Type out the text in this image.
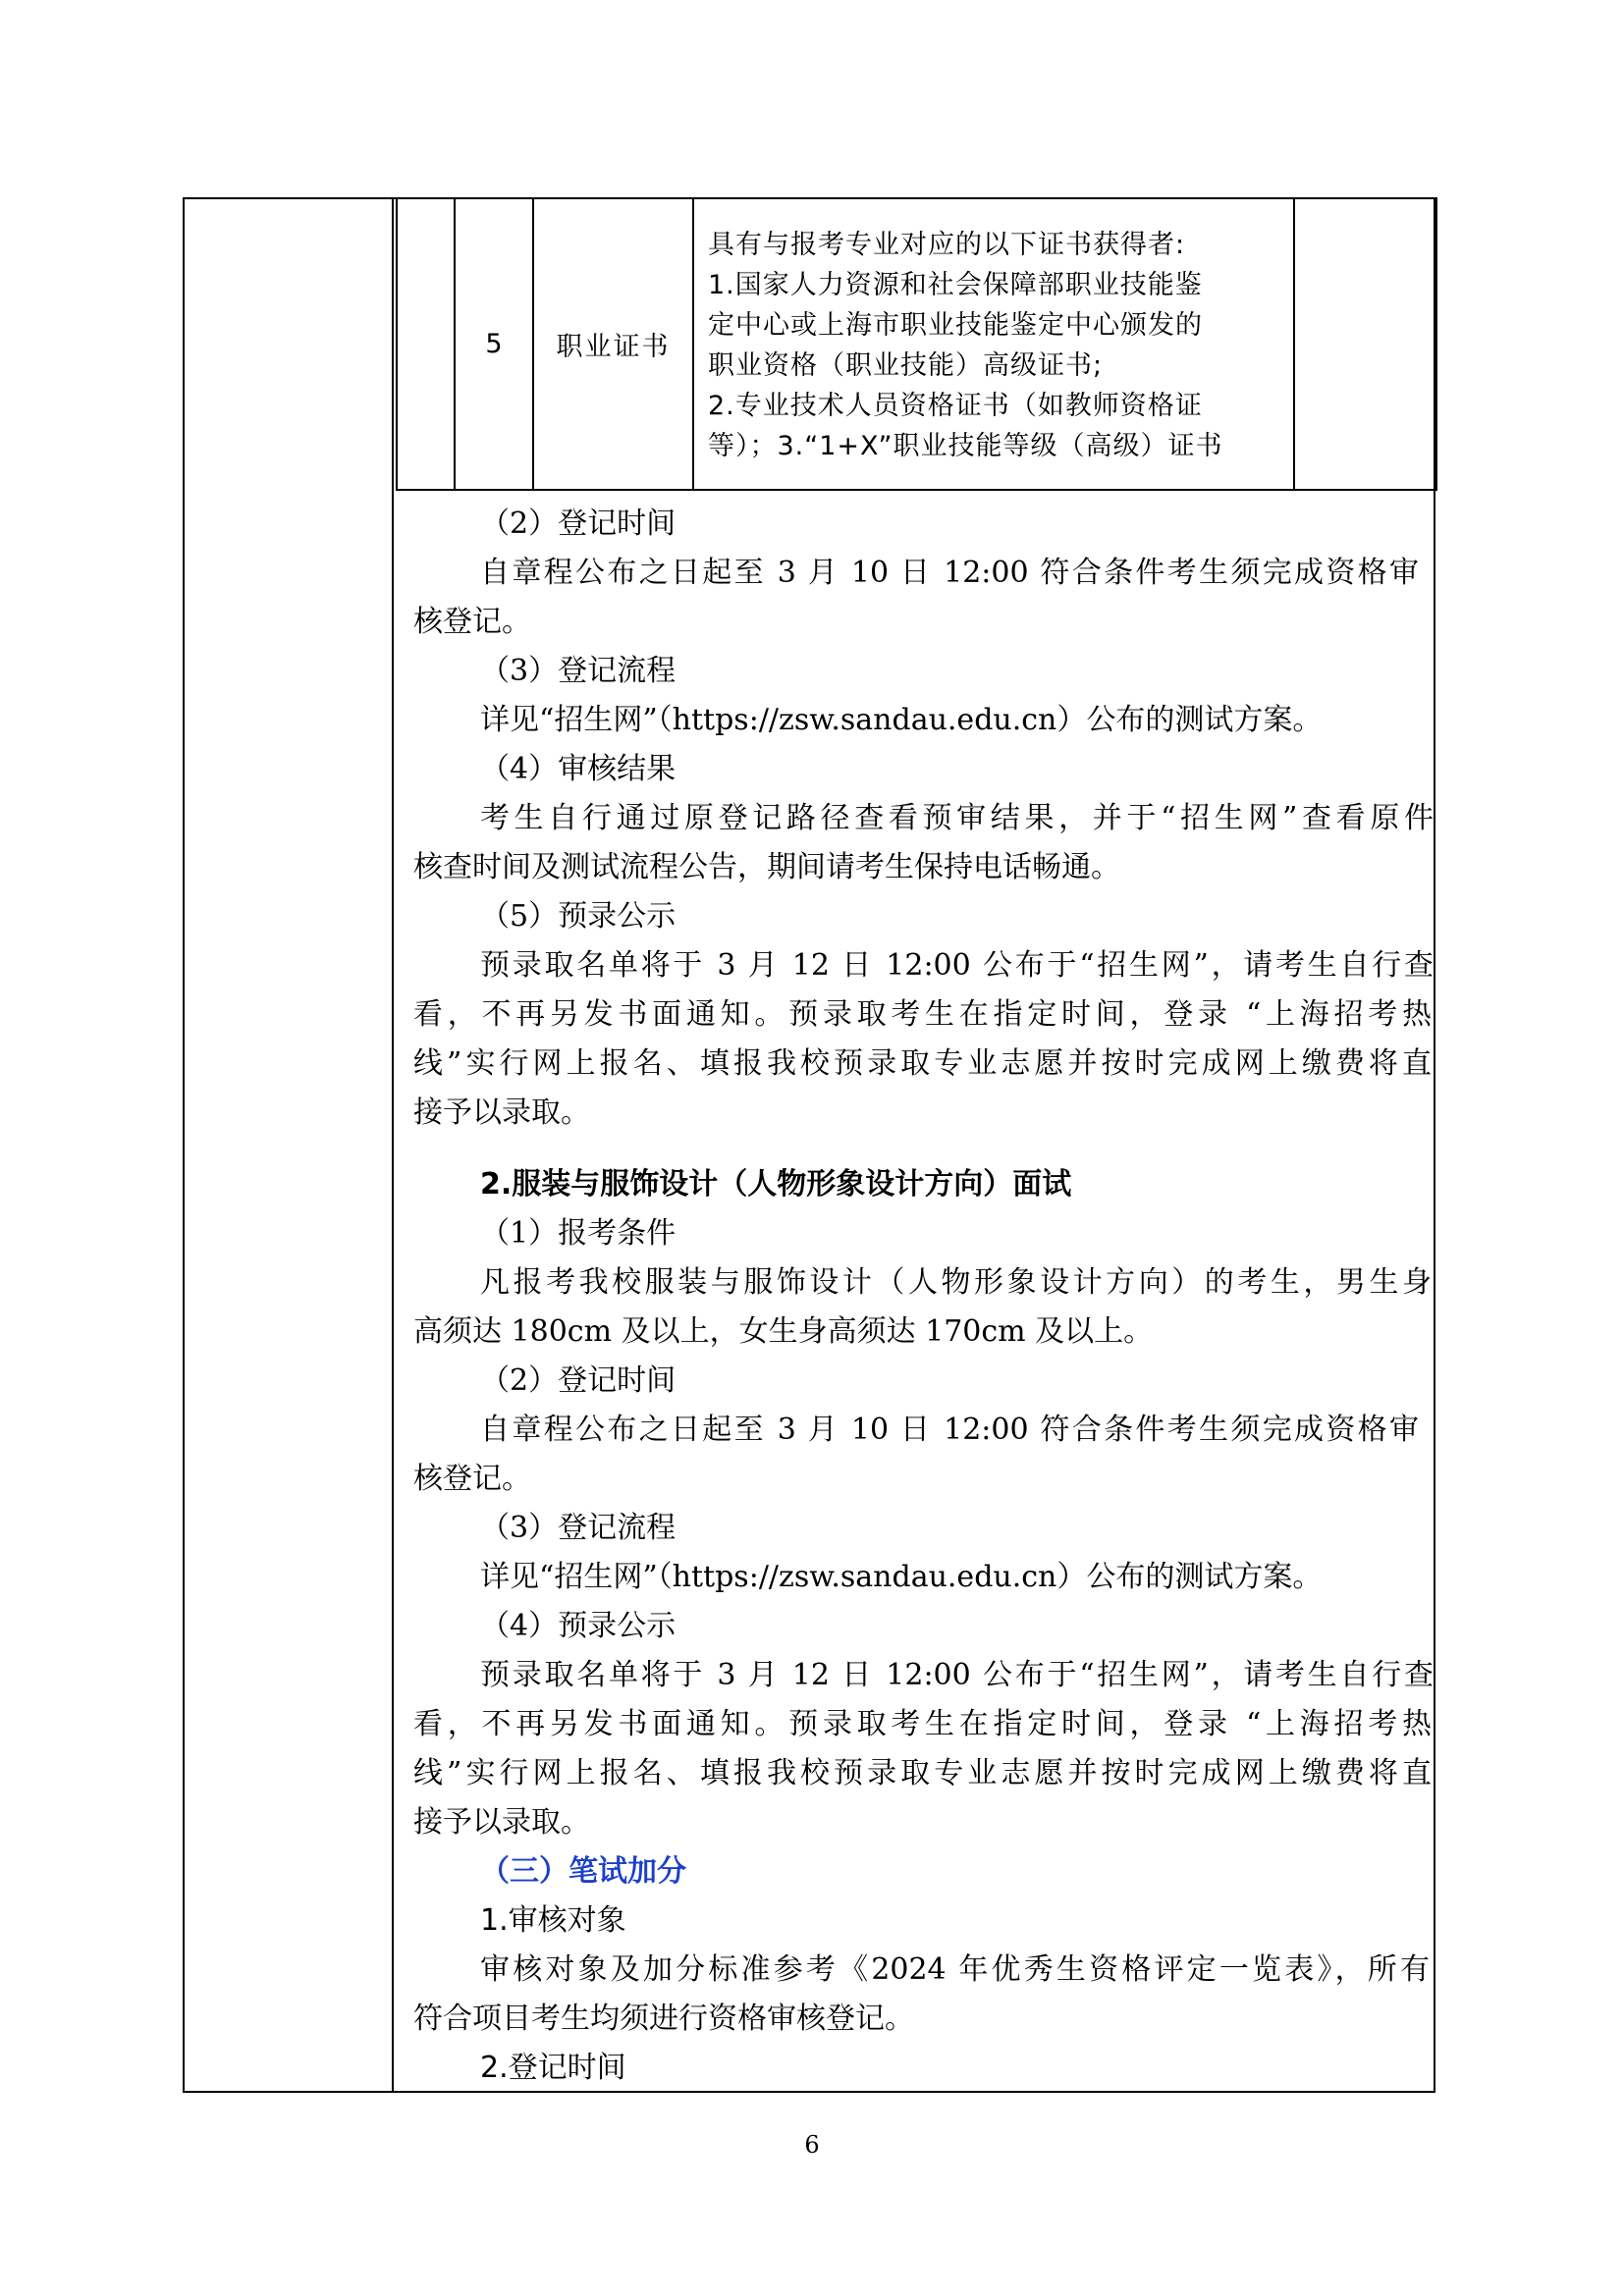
	5	职业证书	
具有与报考专业对应的以下证书获得者:
1.国家人力资源和社会保障部职业技能鉴
定中心或上海市职业技能鉴定中心颁发的
职业资格（职业技能）高级证书;
2.专业技术人员资格证书（如教师资格证
等）；3.“1+X”职业技能等级（高级）证书

（2）登记时间
自章程公布之日起至 3 月 10 日 12:00 符合条件考生须完成资格审
核登记。
（3）登记流程
详见“招生网”（https://zsw.sandau.edu.cn）公布的测试方案。
（4）审核结果
考生自行通过原登记路径查看预审结果，并于“招生网”查看原件
核查时间及测试流程公告，期间请考生保持电话畅通。
（5）预录公示
预录取名单将于 3 月 12 日 12:00 公布于“招生网”，请考生自行查
看，不再另发书面通知。预录取考生在指定时间，登录 “上海招考热
线”实行网上报名、填报我校预录取专业志愿并按时完成网上缴费将直
接予以录取。
2.服装与服饰设计（人物形象设计方向）面试
（1）报考条件
凡报考我校服装与服饰设计（人物形象设计方向）的考生，男生身
高须达 180cm 及以上，女生身高须达 170cm 及以上。
（2）登记时间
自章程公布之日起至 3 月 10 日 12:00 符合条件考生须完成资格审
核登记。
（3）登记流程
详见“招生网”（https://zsw.sandau.edu.cn）公布的测试方案。
（4）预录公示
预录取名单将于 3 月 12 日 12:00 公布于“招生网”，请考生自行查
看，不再另发书面通知。预录取考生在指定时间，登录 “上海招考热
线”实行网上报名、填报我校预录取专业志愿并按时完成网上缴费将直
接予以录取。
（三）笔试加分
1.审核对象
审核对象及加分标准参考《2024 年优秀生资格评定一览表》，所有
符合项目考生均须进行资格审核登记。
2.登记时间
6
